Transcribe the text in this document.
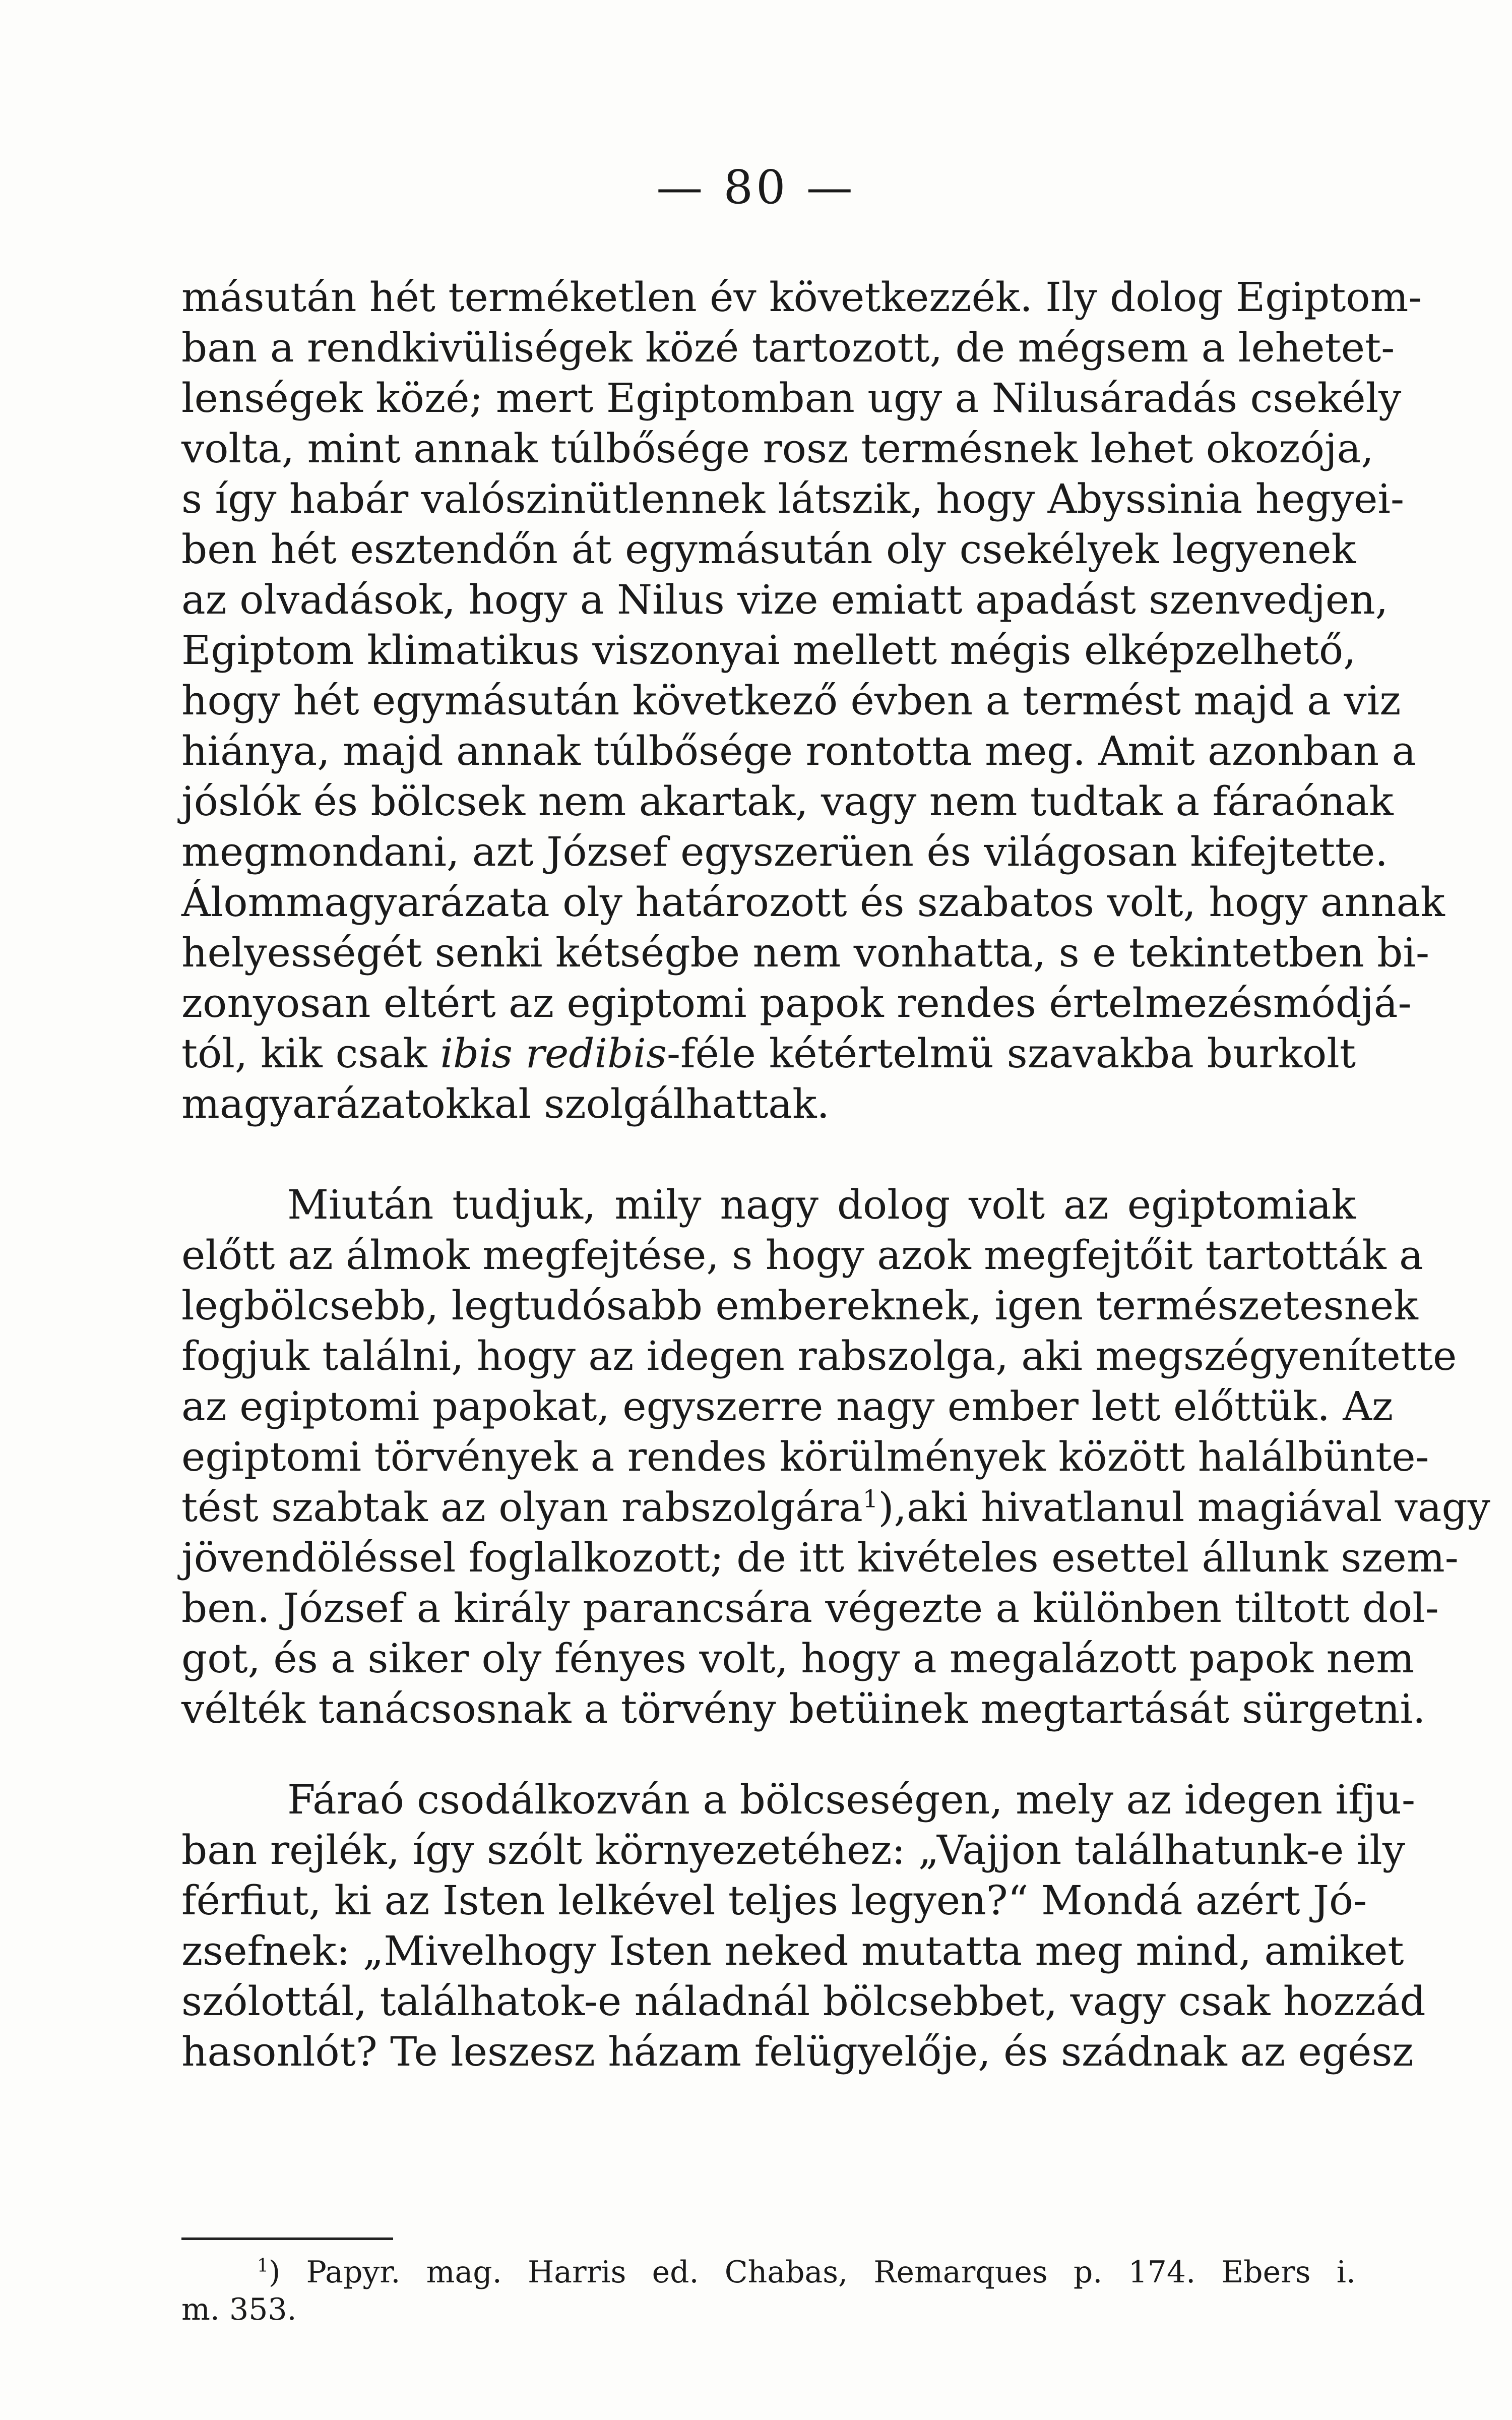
— 80 —
másután hét terméketlen év következzék. Ily dolog Egiptom-
ban a rendkivüliségek közé tartozott, de mégsem a lehetet-
lenségek közé; mert Egiptomban ugy a Nilusáradás csekély
volta, mint annak túlbősége rosz termésnek lehet okozója,
s így habár valószinütlennek látszik, hogy Abyssinia hegyei-
ben hét esztendőn át egymásután oly csekélyek legyenek
az olvadások, hogy a Nilus vize emiatt apadást szenvedjen,
Egiptom klimatikus viszonyai mellett mégis elképzelhető,
hogy hét egymásután következő évben a termést majd a viz
hiánya, majd annak túlbősége rontotta meg. Amit azonban a
jóslók és bölcsek nem akartak, vagy nem tudtak a fáraónak
megmondani, azt József egyszerüen és világosan kifejtette.
Álommagyarázata oly határozott és szabatos volt, hogy annak
helyességét senki kétségbe nem vonhatta, s e tekintetben bi-
zonyosan eltért az egiptomi papok rendes értelmezésmódjá-
tól, kik csak ibis redibis-féle kétértelmü szavakba burkolt
magyarázatokkal szolgálhattak.
Miután tudjuk, mily nagy dolog volt az egiptomiak
előtt az álmok megfejtése, s hogy azok megfejtőit tartották a
legbölcsebb, legtudósabb embereknek, igen természetesnek
fogjuk találni, hogy az idegen rabszolga, aki megszégyenítette
az egiptomi papokat, egyszerre nagy ember lett előttük. Az
egiptomi törvények a rendes körülmények között halálbünte-
tést szabtak az olyan rabszolgára$^1$),aki hivatlanul magiával vagy
jövendöléssel foglalkozott; de itt kivételes esettel állunk szem-
ben. József a király parancsára végezte a különben tiltott dol-
got, és a siker oly fényes volt, hogy a megalázott papok nem
vélték tanácsosnak a törvény betüinek megtartását sürgetni.
Fáraó csodálkozván a bölcseségen, mely az idegen ifju-
ban rejlék, így szólt környezetéhez: „Vajjon találhatunk-e ily
férfiut, ki az Isten lelkével teljes legyen?“ Mondá azért Jó-
zsefnek: „Mivelhogy Isten neked mutatta meg mind, amiket
szólottál, találhatok-e náladnál bölcsebbet, vagy csak hozzád
hasonlót? Te leszesz házam felügyelője, és szádnak az egész
$^1$) Papyr. mag. Harris ed. Chabas, Remarques p. 174. Ebers i.
m. 353.
